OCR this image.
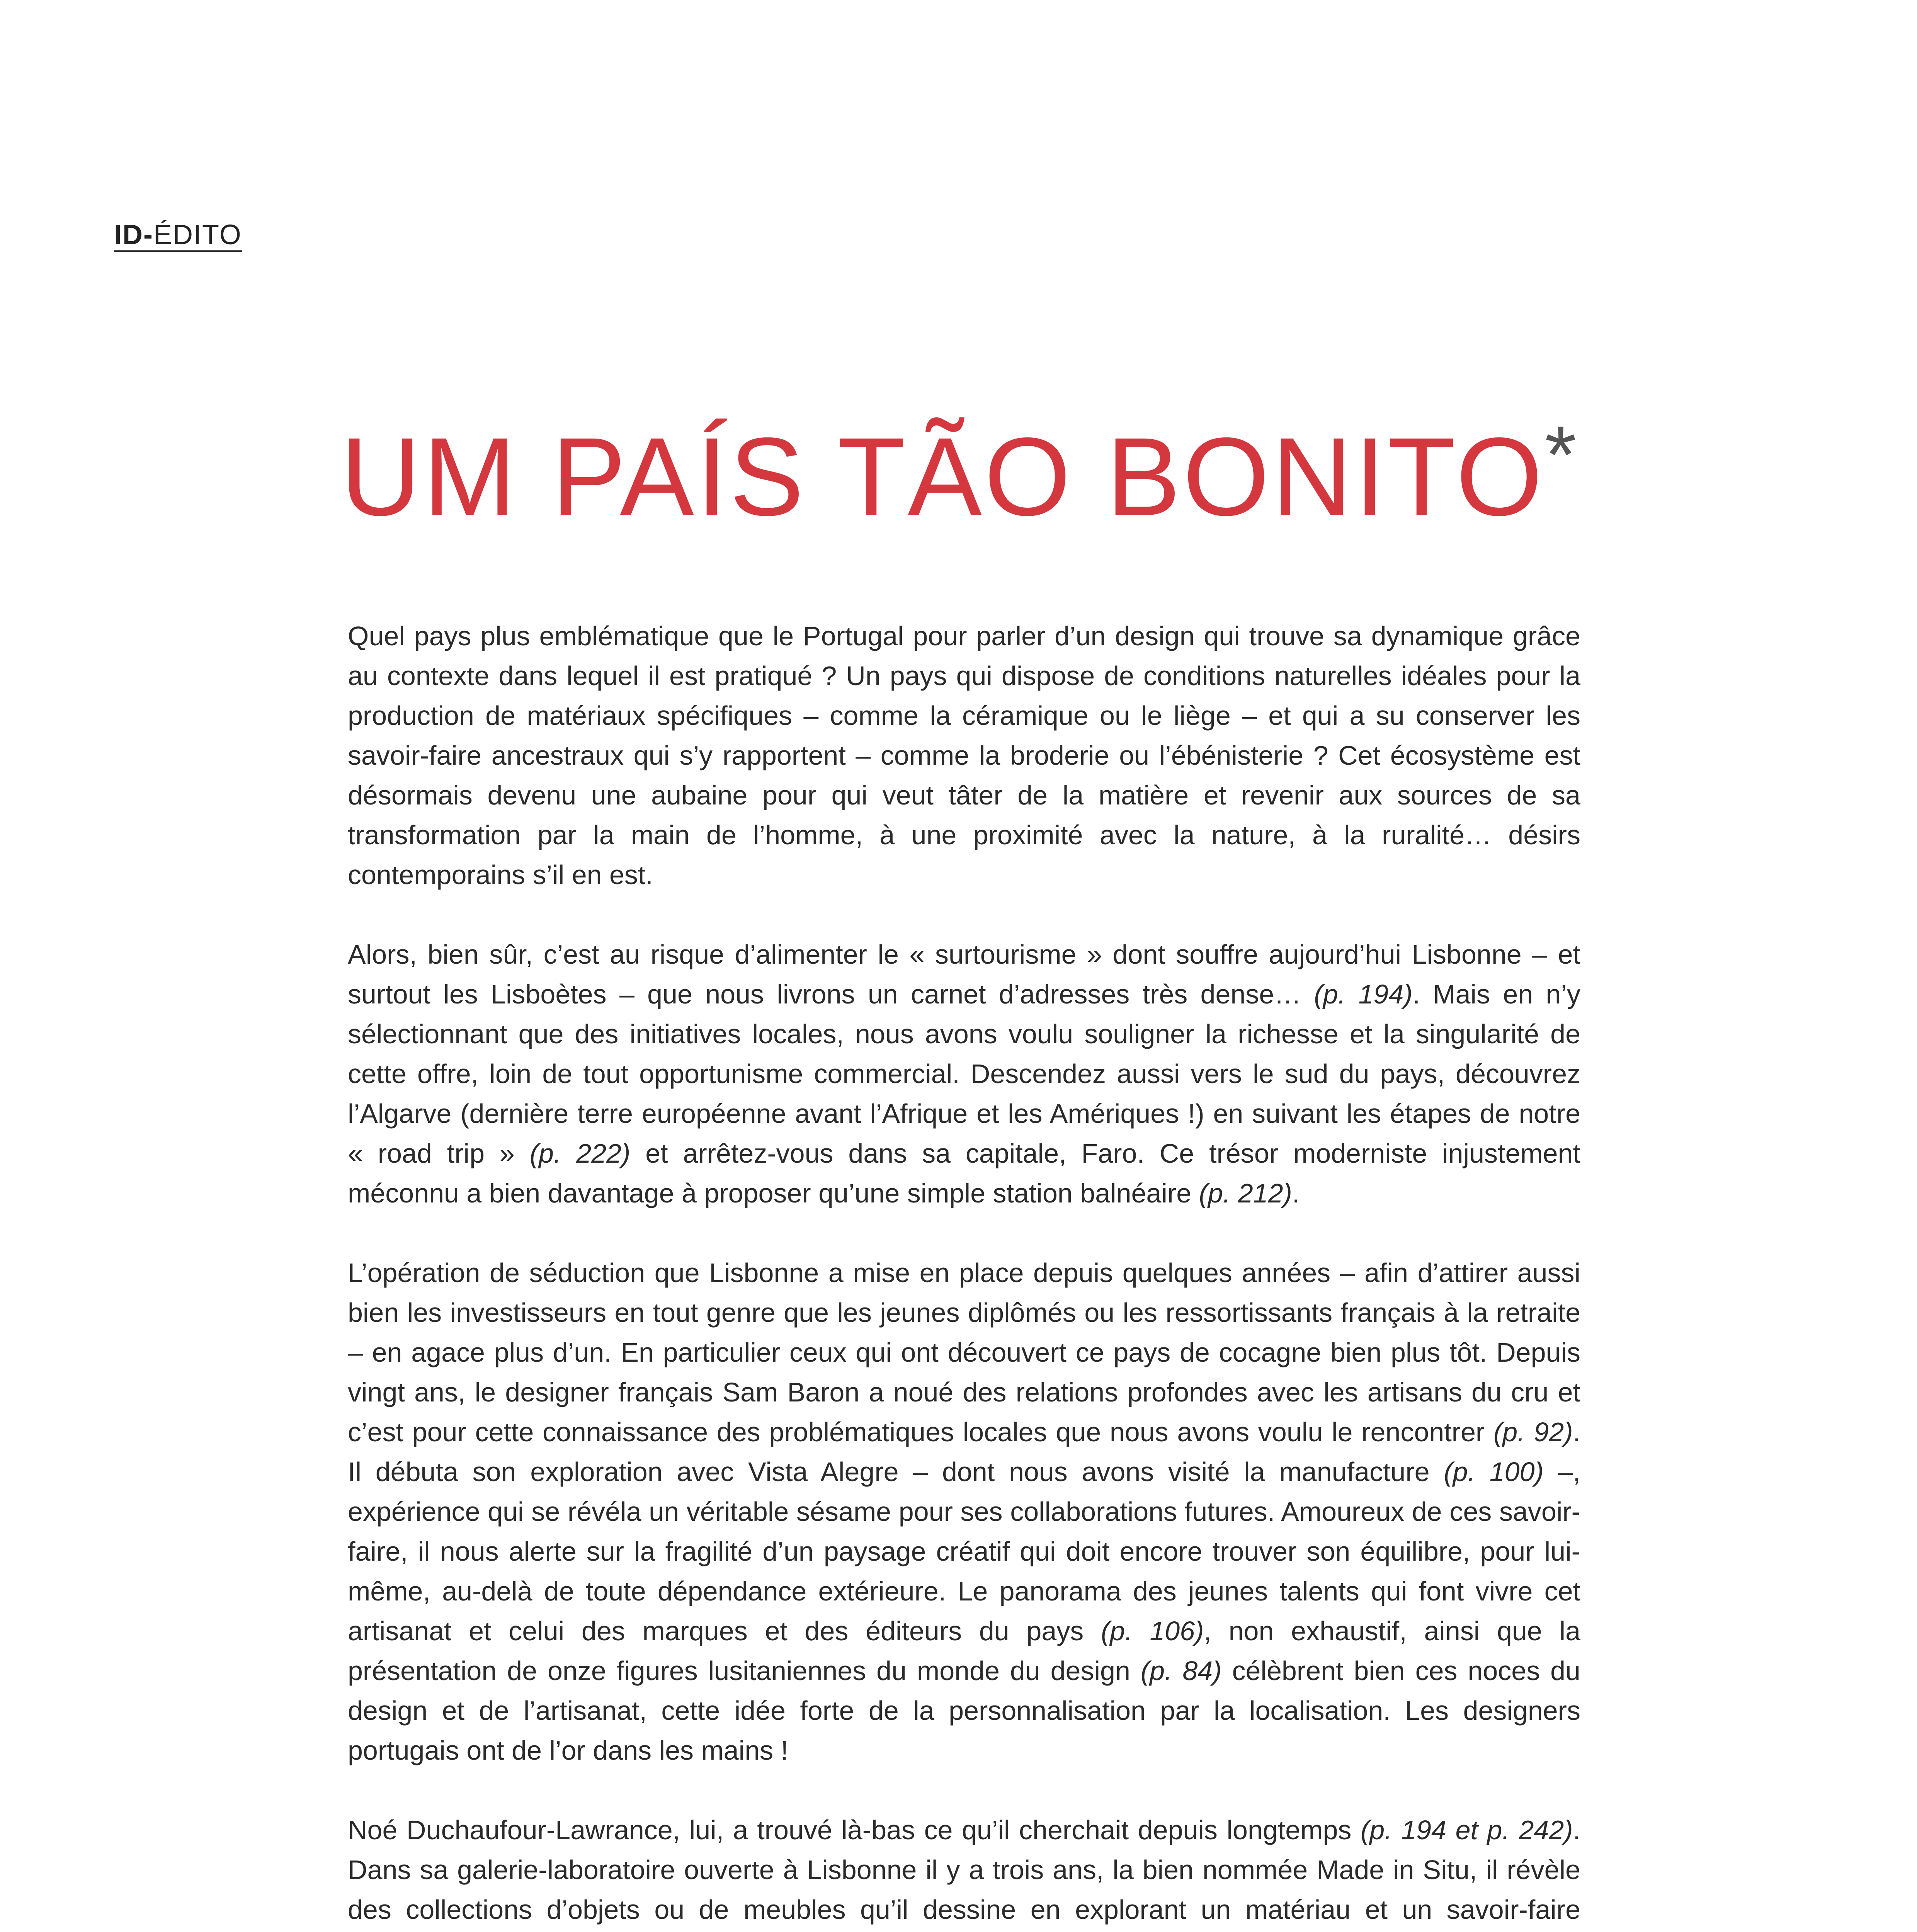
ID-ÉDITO
UM PAÍS TÃO BONITO*

Quel pays plus emblématique que le Portugal pour parler d’un design qui trouve sa dynamique grâce au contexte dans lequel il est pratiqué ? Un pays qui dispose de conditions naturelles idéales pour la production de matériaux spécifiques – comme la céramique ou le liège – et qui a su conserver les savoir-faire ancestraux qui s’y rapportent – comme la broderie ou l’ébénisterie ? Cet écosystème est désormais devenu une aubaine pour qui veut tâter de la matière et revenir aux sources de sa transformation par la main de l’homme, à une proximité avec la nature, à la ruralité… désirs contemporains s’il en est.

Alors, bien sûr, c’est au risque d’alimenter le « surtourisme » dont souffre aujourd’hui Lisbonne – et surtout les Lisboètes – que nous livrons un carnet d’adresses très dense… (p. 194). Mais en n’y sélectionnant que des initiatives locales, nous avons voulu souligner la richesse et la singularité de cette offre, loin de tout opportunisme commercial. Descendez aussi vers le sud du pays, découvrez l’Algarve (dernière terre européenne avant l’Afrique et les Amériques !) en suivant les étapes de notre « road trip » (p. 222) et arrêtez-vous dans sa capitale, Faro. Ce trésor moderniste injustement méconnu a bien davantage à proposer qu’une simple station balnéaire (p. 212).

L’opération de séduction que Lisbonne a mise en place depuis quelques années – afin d’attirer aussi bien les investisseurs en tout genre que les jeunes diplômés ou les ressortissants français à la retraite – en agace plus d’un. En particulier ceux qui ont découvert ce pays de cocagne bien plus tôt. Depuis vingt ans, le designer français Sam Baron a noué des relations profondes avec les artisans du cru et c’est pour cette connaissance des problématiques locales que nous avons voulu le rencontrer (p. 92). Il débuta son exploration avec Vista Alegre – dont nous avons visité la manufacture (p. 100) –, expérience qui se révéla un véritable sésame pour ses collaborations futures. Amoureux de ces savoir-faire, il nous alerte sur la fragilité d’un paysage créatif qui doit encore trouver son équilibre, pour lui-même, au-delà de toute dépendance extérieure. Le panorama des jeunes talents qui font vivre cet artisanat et celui des marques et des éditeurs du pays (p. 106), non exhaustif, ainsi que la présentation de onze figures lusitaniennes du monde du design (p. 84) célèbrent bien ces noces du design et de l’artisanat, cette idée forte de la personnalisation par la localisation. Les designers portugais ont de l’or dans les mains !

Noé Duchaufour-Lawrance, lui, a trouvé là-bas ce qu’il cherchait depuis longtemps (p. 194 et p. 242). Dans sa galerie-laboratoire ouverte à Lisbonne il y a trois ans, la bien nommée Made in Situ, il révèle des collections d’objets ou de meubles qu’il dessine en explorant un matériau et un savoir-faire
